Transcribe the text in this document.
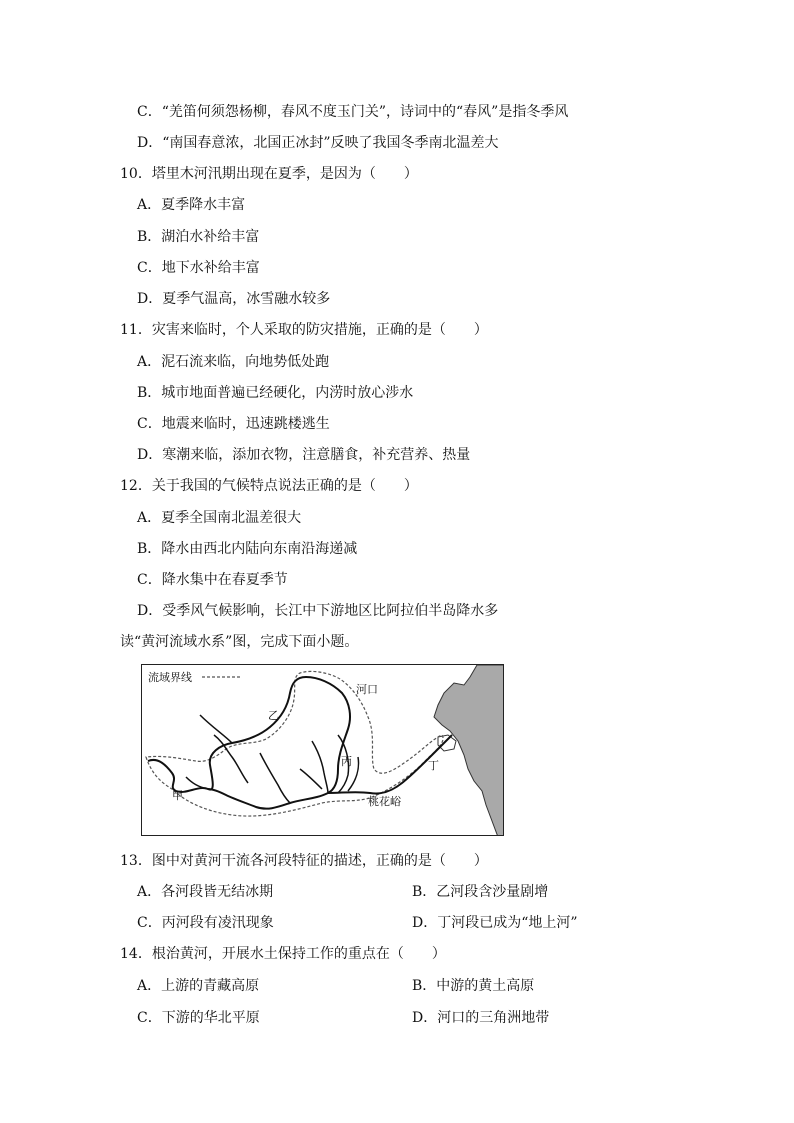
C．“羌笛何须怨杨柳，春风不度玉门关”，诗词中的“春风”是指冬季风
D．“南国春意浓，北国正冰封”反映了我国冬季南北温差大
10．塔里木河汛期出现在夏季，是因为（　　）
A．夏季降水丰富
B．湖泊水补给丰富
C．地下水补给丰富
D．夏季气温高，冰雪融水较多
11．灾害来临时，个人采取的防灾措施，正确的是（　　）
A．泥石流来临，向地势低处跑
B．城市地面普遍已经硬化，内涝时放心涉水
C．地震来临时，迅速跳楼逃生
D．寒潮来临，添加衣物，注意膳食，补充营养、热量
12．关于我国的气候特点说法正确的是（　　）
A．夏季全国南北温差很大
B．降水由西北内陆向东南沿海递减
C．降水集中在春夏季节
D．受季风气候影响，长江中下游地区比阿拉伯半岛降水多
读“黄河流域水系”图，完成下面小题。
流域界线
甲
乙
丙	丁
河口
桃花峪
13．图中对黄河干流各河段特征的描述，正确的是（　　）
A．各河段皆无结冰期	B．乙河段含沙量剧增
C．丙河段有凌汛现象	D．丁河段已成为“地上河”
14．根治黄河，开展水土保持工作的重点在（　　）
A．上游的青藏高原	B．中游的黄土高原
C．下游的华北平原	D．河口的三角洲地带
